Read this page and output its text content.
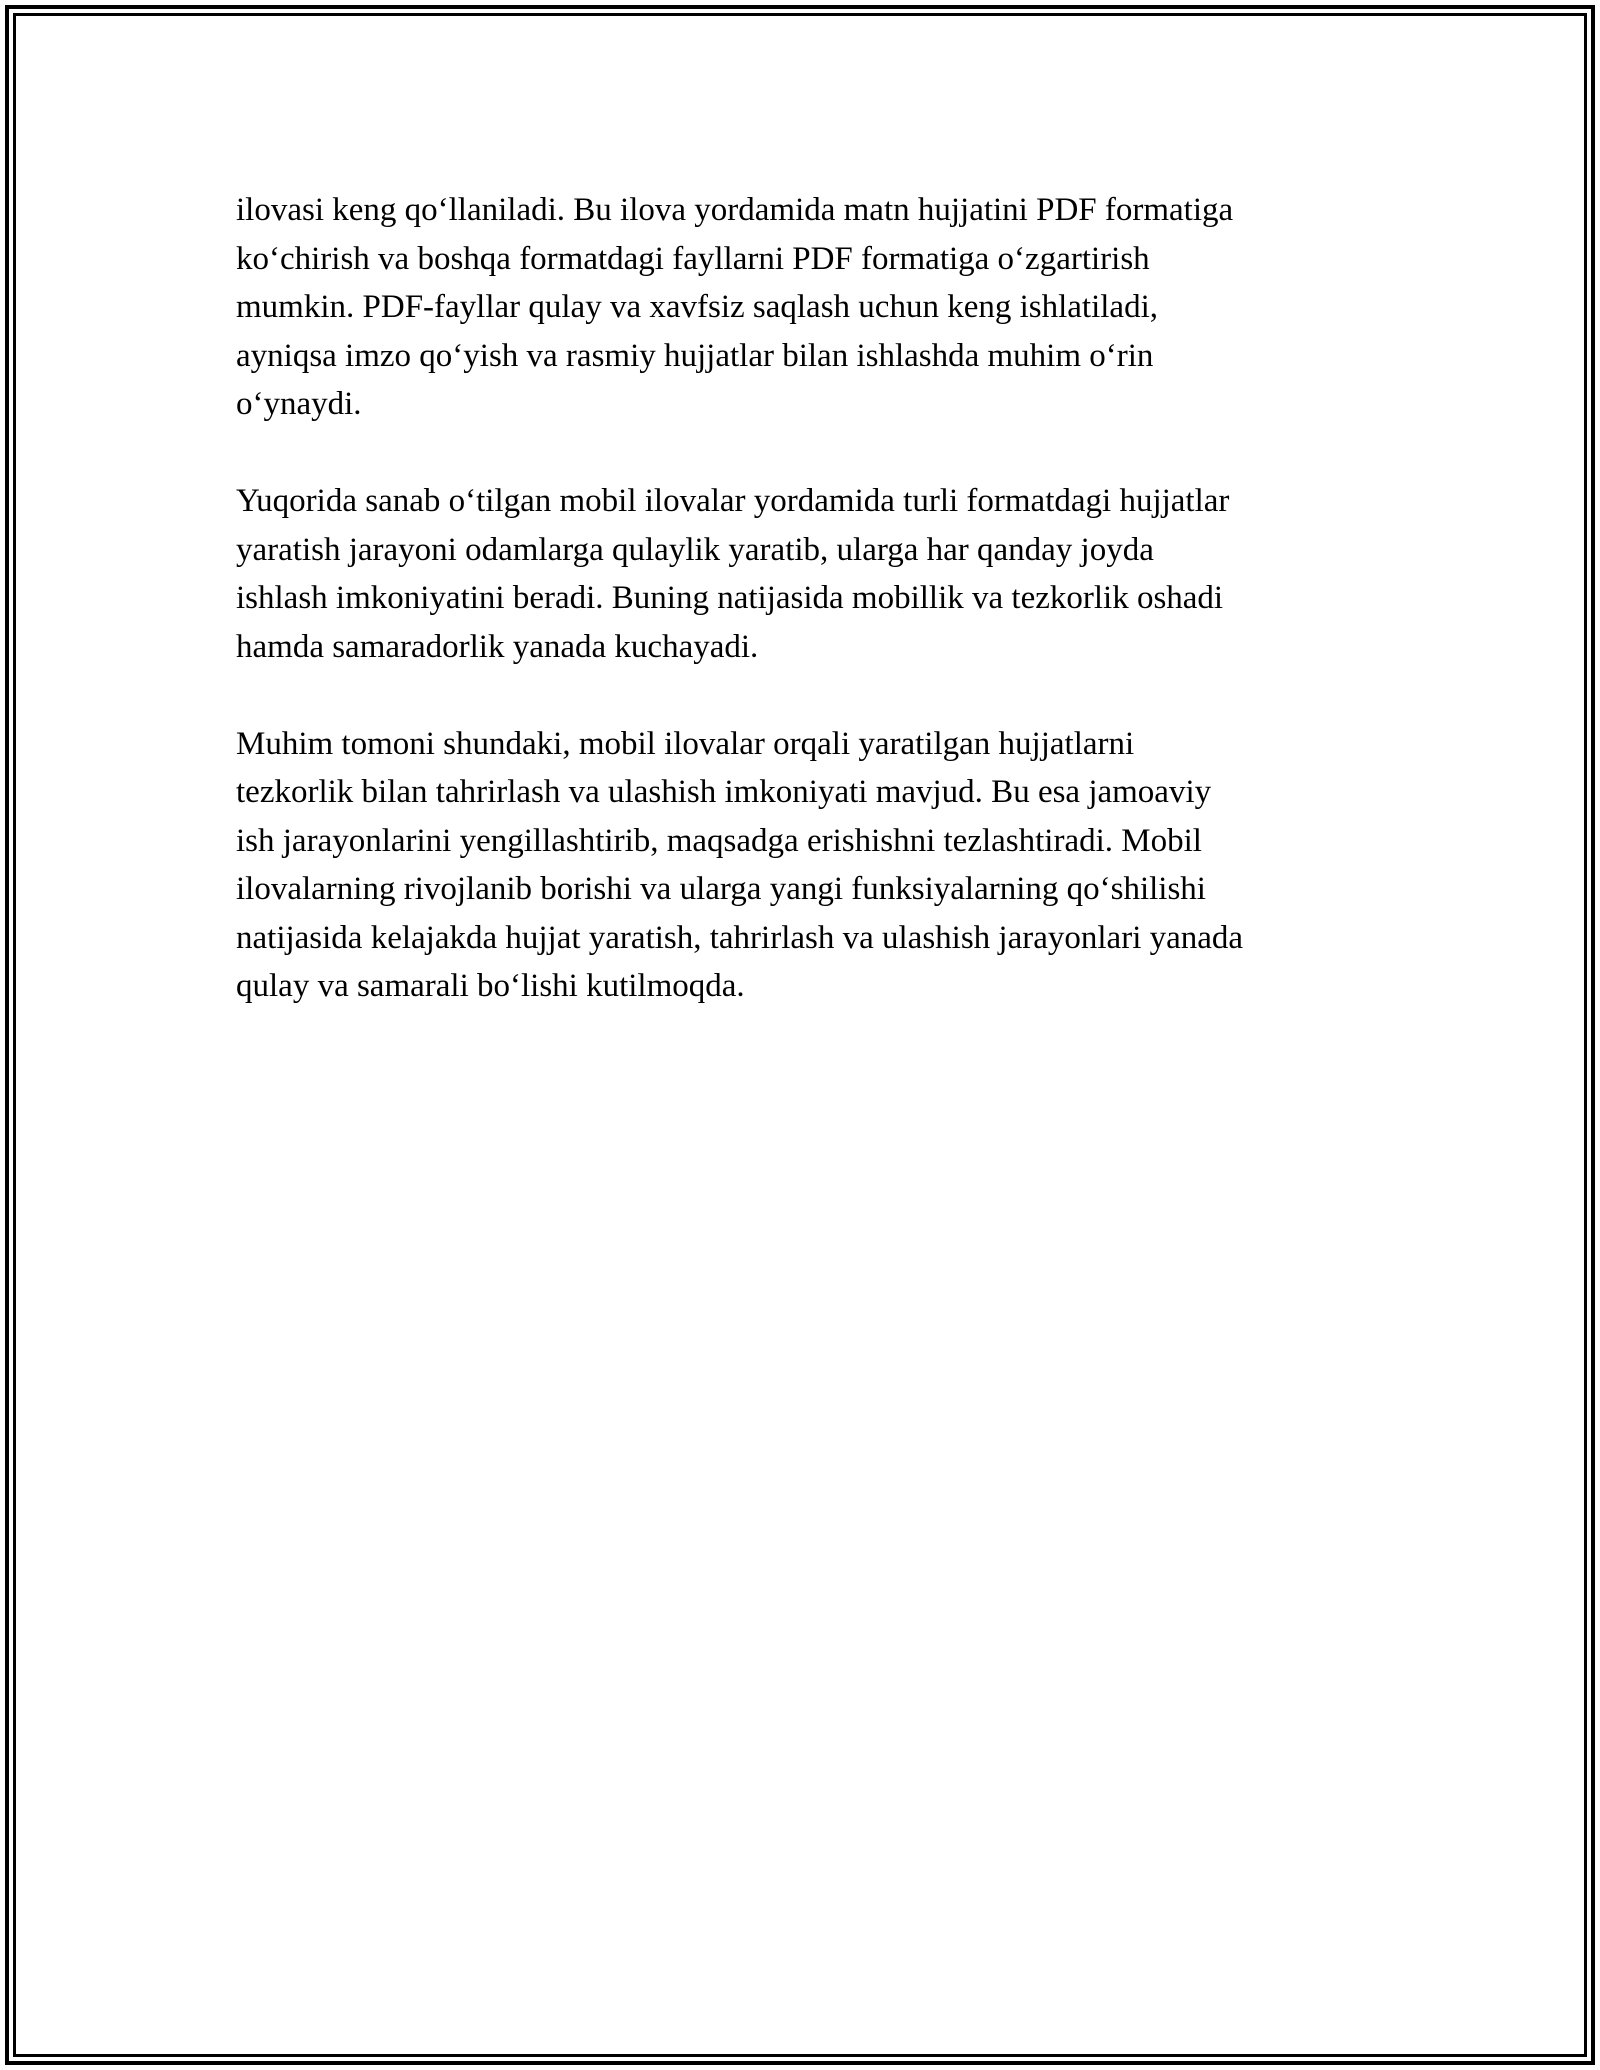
ilovasi keng qo‘llaniladi. Bu ilova yordamida matn hujjatini PDF formatiga
ko‘chirish va boshqa formatdagi fayllarni PDF formatiga o‘zgartirish
mumkin. PDF-fayllar qulay va xavfsiz saqlash uchun keng ishlatiladi,
ayniqsa imzo qo‘yish va rasmiy hujjatlar bilan ishlashda muhim o‘rin
o‘ynaydi.

Yuqorida sanab o‘tilgan mobil ilovalar yordamida turli formatdagi hujjatlar
yaratish jarayoni odamlarga qulaylik yaratib, ularga har qanday joyda
ishlash imkoniyatini beradi. Buning natijasida mobillik va tezkorlik oshadi
hamda samaradorlik yanada kuchayadi.

Muhim tomoni shundaki, mobil ilovalar orqali yaratilgan hujjatlarni
tezkorlik bilan tahrirlash va ulashish imkoniyati mavjud. Bu esa jamoaviy
ish jarayonlarini yengillashtirib, maqsadga erishishni tezlashtiradi. Mobil
ilovalarning rivojlanib borishi va ularga yangi funksiyalarning qo‘shilishi
natijasida kelajakda hujjat yaratish, tahrirlash va ulashish jarayonlari yanada
qulay va samarali bo‘lishi kutilmoqda.
